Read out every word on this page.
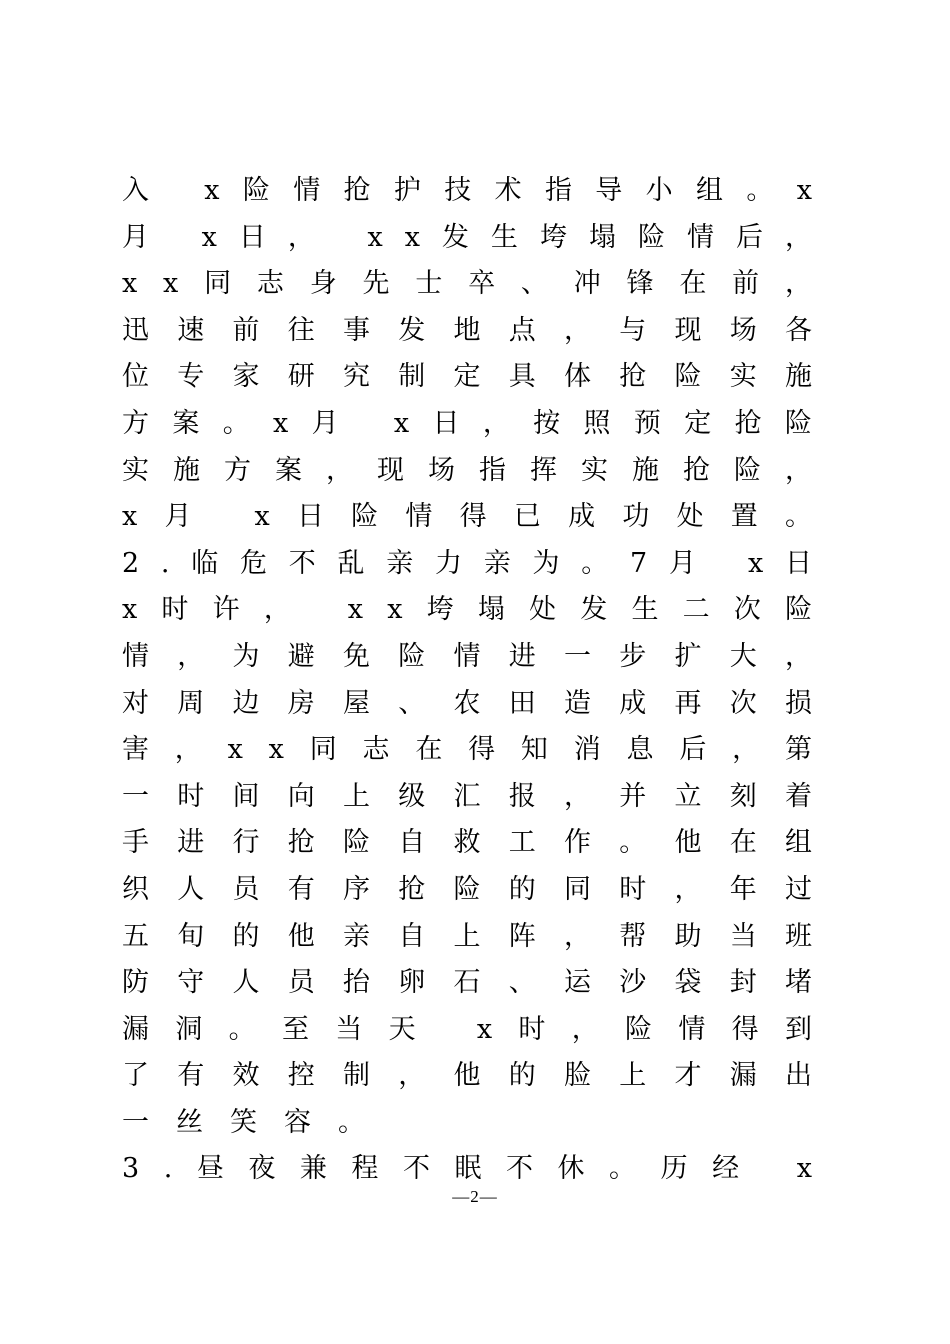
入 x险情抢护技术指导小组。x
月 x日， xx发生垮塌险情后，
xx同志身先士卒、冲锋在前，
迅速前往事发地点，与现场各
位专家研究制定具体抢险实施
方案。x月 x日，按照预定抢险
实施方案，现场指挥实施抢险，
x月 x日险情得已成功处置。
2.临危不乱亲力亲为。7月 x日
x时许， xx垮塌处发生二次险
情，为避免险情进一步扩大，
对周边房屋、农田造成再次损
害，xx同志在得知消息后，第
一时间向上级汇报，并立刻着
手进行抢险自救工作。他在组
织人员有序抢险的同时，年过
五旬的他亲自上阵，帮助当班
防守人员抬卵石、运沙袋封堵
漏洞。至当天 x时，险情得到
了有效控制，他的脸上才漏出
一丝笑容。
3.昼夜兼程不眠不休。历经 x
—2—
